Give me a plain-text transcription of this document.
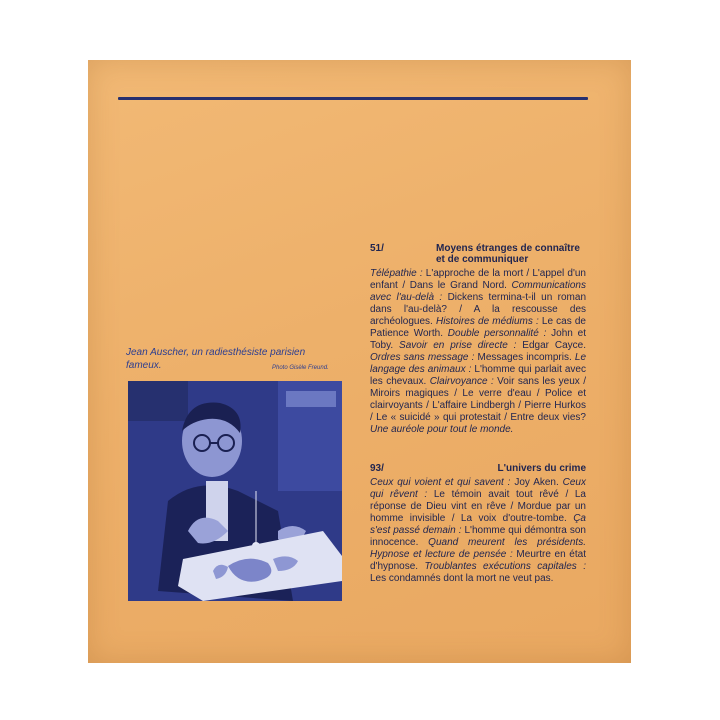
Jean Auscher, un radiesthésiste parisien fameux.	Photo Gisèle Freund.
51/	Moyens étranges de connaître et de communiquer
Télépathie : L'approche de la mort / L'appel d'un enfant / Dans le Grand Nord. Communications avec l'au-delà : Dickens termina-t-il un roman dans l'au-delà? / A la rescousse des archéologues. Histoires de médiums : Le cas de Patience Worth. Double personnalité : John et Toby. Savoir en prise directe : Edgar Cayce. Ordres sans message : Messages incompris. Le langage des animaux : L'homme qui parlait avec les chevaux. Clairvoyance : Voir sans les yeux / Miroirs magiques / Le verre d'eau / Police et clairvoyants / L'affaire Lindbergh / Pierre Hurkos / Le « suicidé » qui protestait / Entre deux vies? Une auréole pour tout le monde.
93/	L'univers du crime
Ceux qui voient et qui savent : Joy Aken. Ceux qui rêvent : Le témoin avait tout rêvé / La réponse de Dieu vint en rêve / Mordue par un homme invisible / La voix d'outre-tombe. Ça s'est passé demain : L'homme qui démontra son innocence. Quand meurent les présidents. Hypnose et lecture de pensée : Meurtre en état d'hypnose. Troublantes exécutions capitales : Les condamnés dont la mort ne veut pas.
